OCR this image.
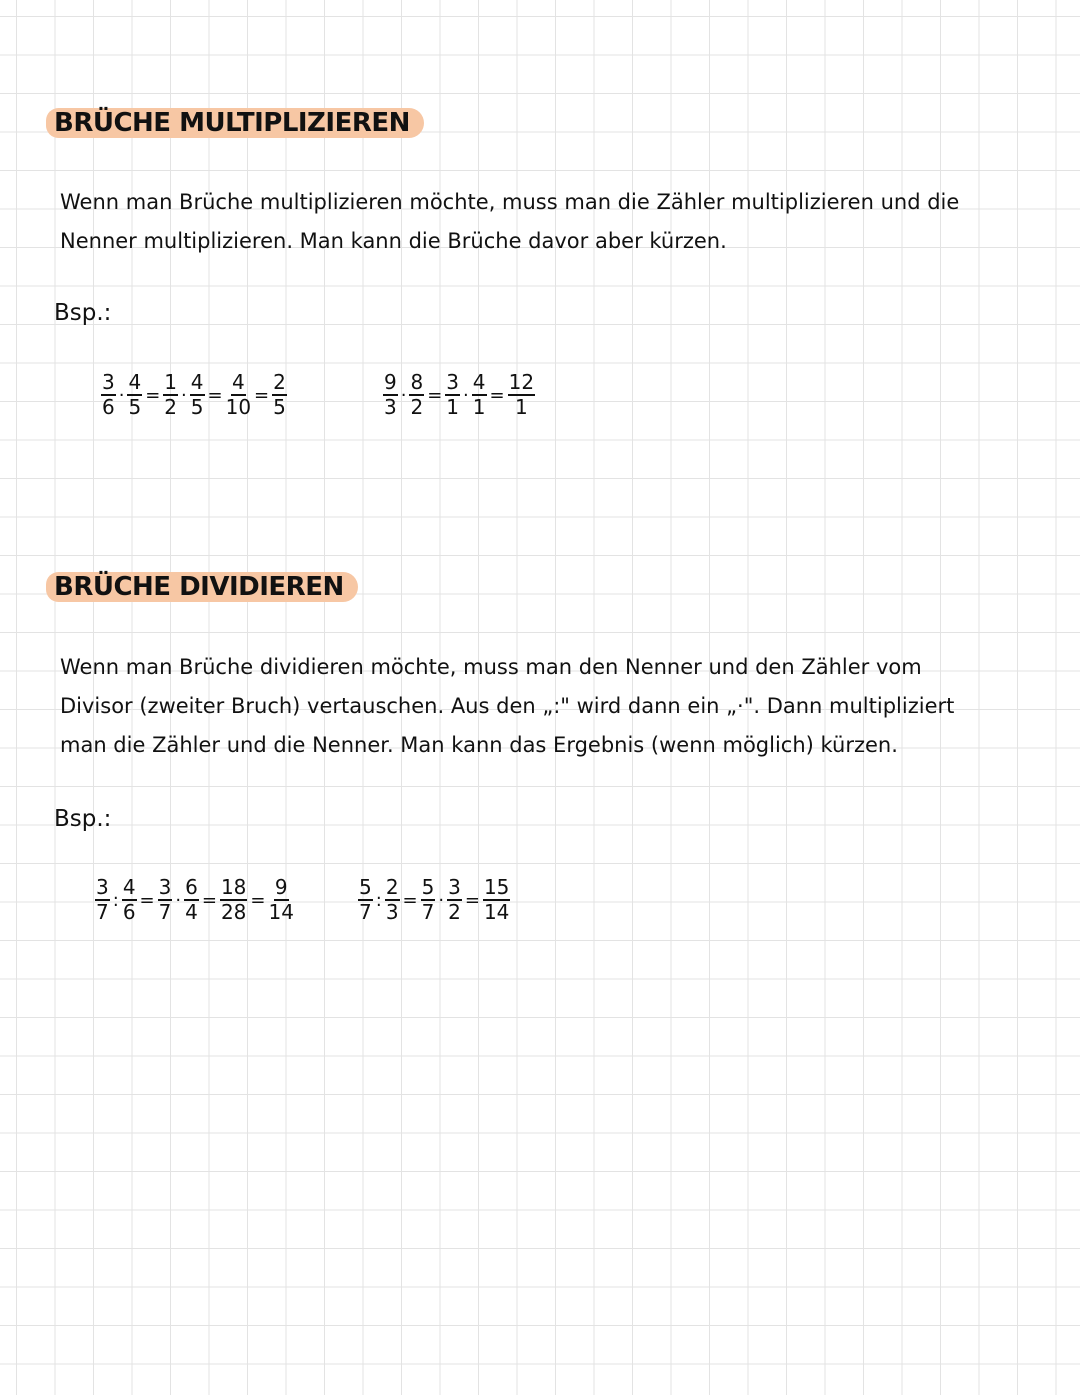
BRÜCHE MULTIPLIZIEREN
Wenn man Brüche multiplizieren möchte, muss man die Zähler multiplizieren und die
Nenner multiplizieren. Man kann die Brüche davor aber kürzen.
Bsp.:
$\frac{3}{6} \cdot \frac{4}{5} = \frac{1}{2} \cdot \frac{4}{5} = \frac{4}{10} = \frac{2}{5}$	$\frac{9}{3} \cdot \frac{8}{2} = \frac{3}{1} \cdot \frac{4}{1} = \frac{12}{1}$
BRÜCHE DIVIDIEREN
Wenn man Brüche dividieren möchte, muss man den Nenner und den Zähler vom
Divisor (zweiter Bruch) vertauschen. Aus den „:" wird dann ein „·". Dann multipliziert
man die Zähler und die Nenner. Man kann das Ergebnis (wenn möglich) kürzen.
Bsp.:
$\frac{3}{7}$ : $\frac{4}{6} = \frac{3}{7} \cdot \frac{6}{4} = \frac{18}{28} = \frac{9}{14}$	$\frac{5}{7}$ : $\frac{2}{3} = \frac{5}{7} \cdot \frac{3}{2} = \frac{15}{14}$
